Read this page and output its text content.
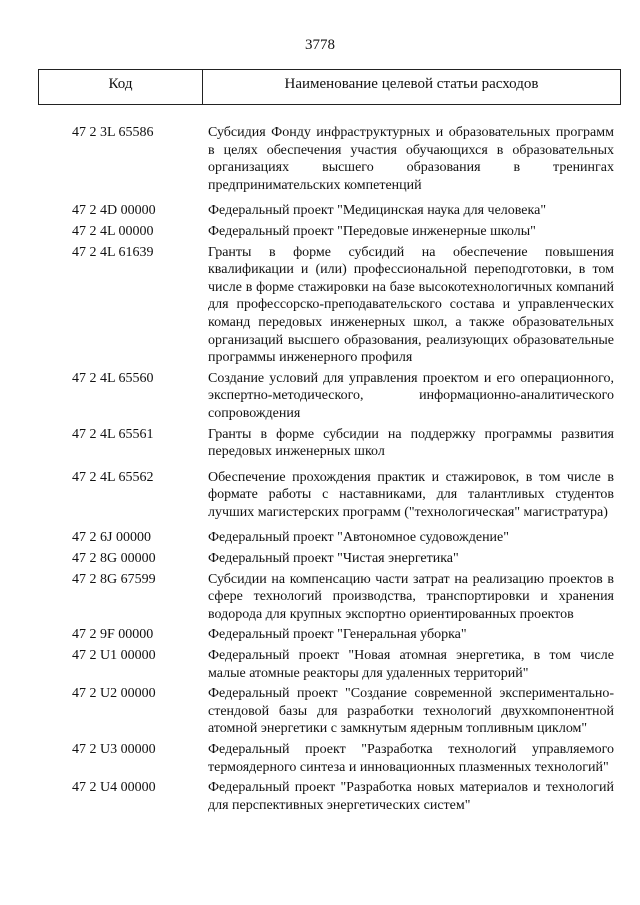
3778
Код	Наименование целевой статьи расходов
47 2 3L 65586	Субсидия Фонду инфраструктурных и образовательных программ в целях обеспечения участия обучающихся в образовательных организациях высшего образования в тренингах предпринимательских компетенций
47 2 4D 00000	Федеральный проект "Медицинская наука для человека"
47 2 4L 00000	Федеральный проект "Передовые инженерные школы"
47 2 4L 61639	Гранты в форме субсидий на обеспечение повышения квалификации и (или) профессиональной переподготовки, в том числе в форме стажировки на базе высокотехнологичных компаний для профессорско-преподавательского состава и управленческих команд передовых инженерных школ, а также образовательных организаций высшего образования, реализующих образовательные программы инженерного профиля
47 2 4L 65560	Создание условий для управления проектом и его операционного, экспертно-методического, информационно-аналитического сопровождения
47 2 4L 65561	Гранты в форме субсидии на поддержку программы развития передовых инженерных школ
47 2 4L 65562	Обеспечение прохождения практик и стажировок, в том числе в формате работы с наставниками, для талантливых студентов лучших магистерских программ ("технологическая" магистратура)
47 2 6J 00000	Федеральный проект "Автономное судовождение"
47 2 8G 00000	Федеральный проект "Чистая энергетика"
47 2 8G 67599	Субсидии на компенсацию части затрат на реализацию проектов в сфере технологий производства, транспортировки и хранения водорода для крупных экспортно ориентированных проектов
47 2 9F 00000	Федеральный проект "Генеральная уборка"
47 2 U1 00000	Федеральный проект "Новая атомная энергетика, в том числе малые атомные реакторы для удаленных территорий"
47 2 U2 00000	Федеральный проект "Создание современной экспериментально-стендовой базы для разработки технологий двухкомпонентной атомной энергетики с замкнутым ядерным топливным циклом"
47 2 U3 00000	Федеральный проект "Разработка технологий управляемого термоядерного синтеза и инновационных плазменных технологий"
47 2 U4 00000	Федеральный проект "Разработка новых материалов и технологий для перспективных энергетических систем"
